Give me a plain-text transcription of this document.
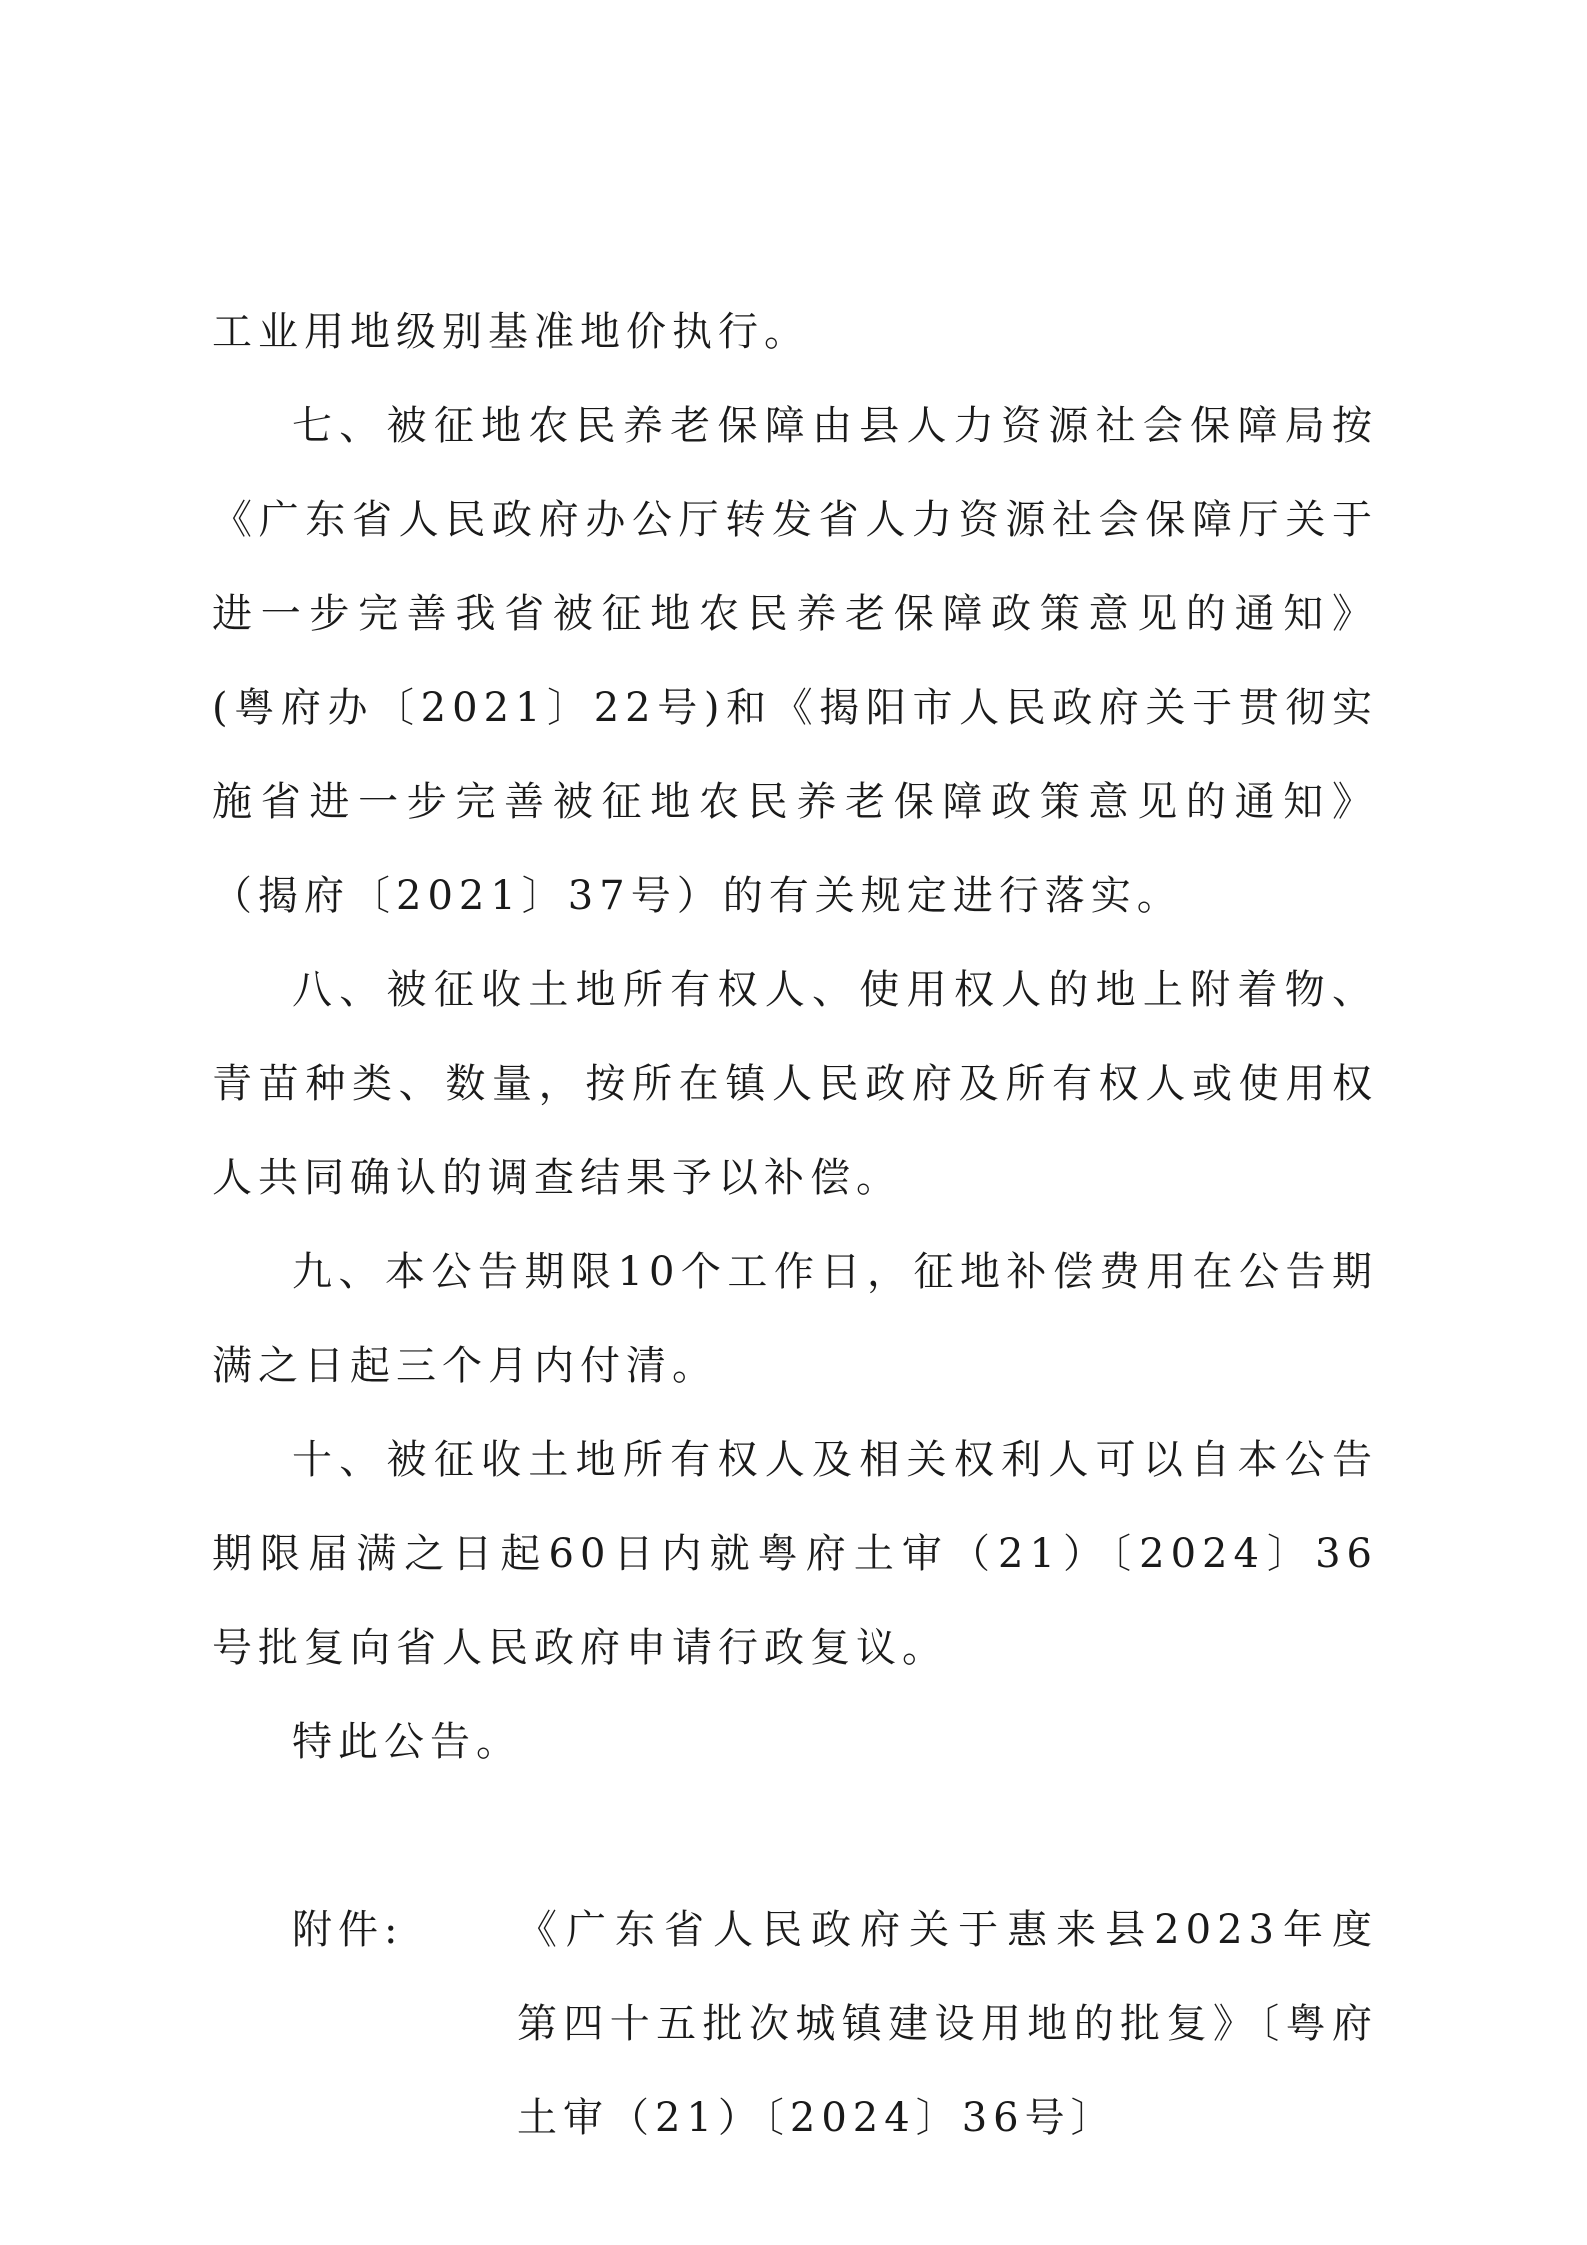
工业用地级别基准地价执行。

七、被征地农民养老保障由县人力资源社会保障局按《广东省人民政府办公厅转发省人力资源社会保障厅关于进一步完善我省被征地农民养老保障政策意见的通知》(粤府办〔2021〕22号)和《揭阳市人民政府关于贯彻实施省进一步完善被征地农民养老保障政策意见的通知》（揭府〔2021〕37号）的有关规定进行落实。

八、被征收土地所有权人、使用权人的地上附着物、青苗种类、数量，按所在镇人民政府及所有权人或使用权人共同确认的调查结果予以补偿。

九、本公告期限10个工作日，征地补偿费用在公告期满之日起三个月内付清。

十、被征收土地所有权人及相关权利人可以自本公告期限届满之日起60日内就粤府土审（21）〔2024〕36号批复向省人民政府申请行政复议。

特此公告。

附件:	《广东省人民政府关于惠来县2023年度第四十五批次城镇建设用地的批复》〔粤府土审（21）〔2024〕36号〕
